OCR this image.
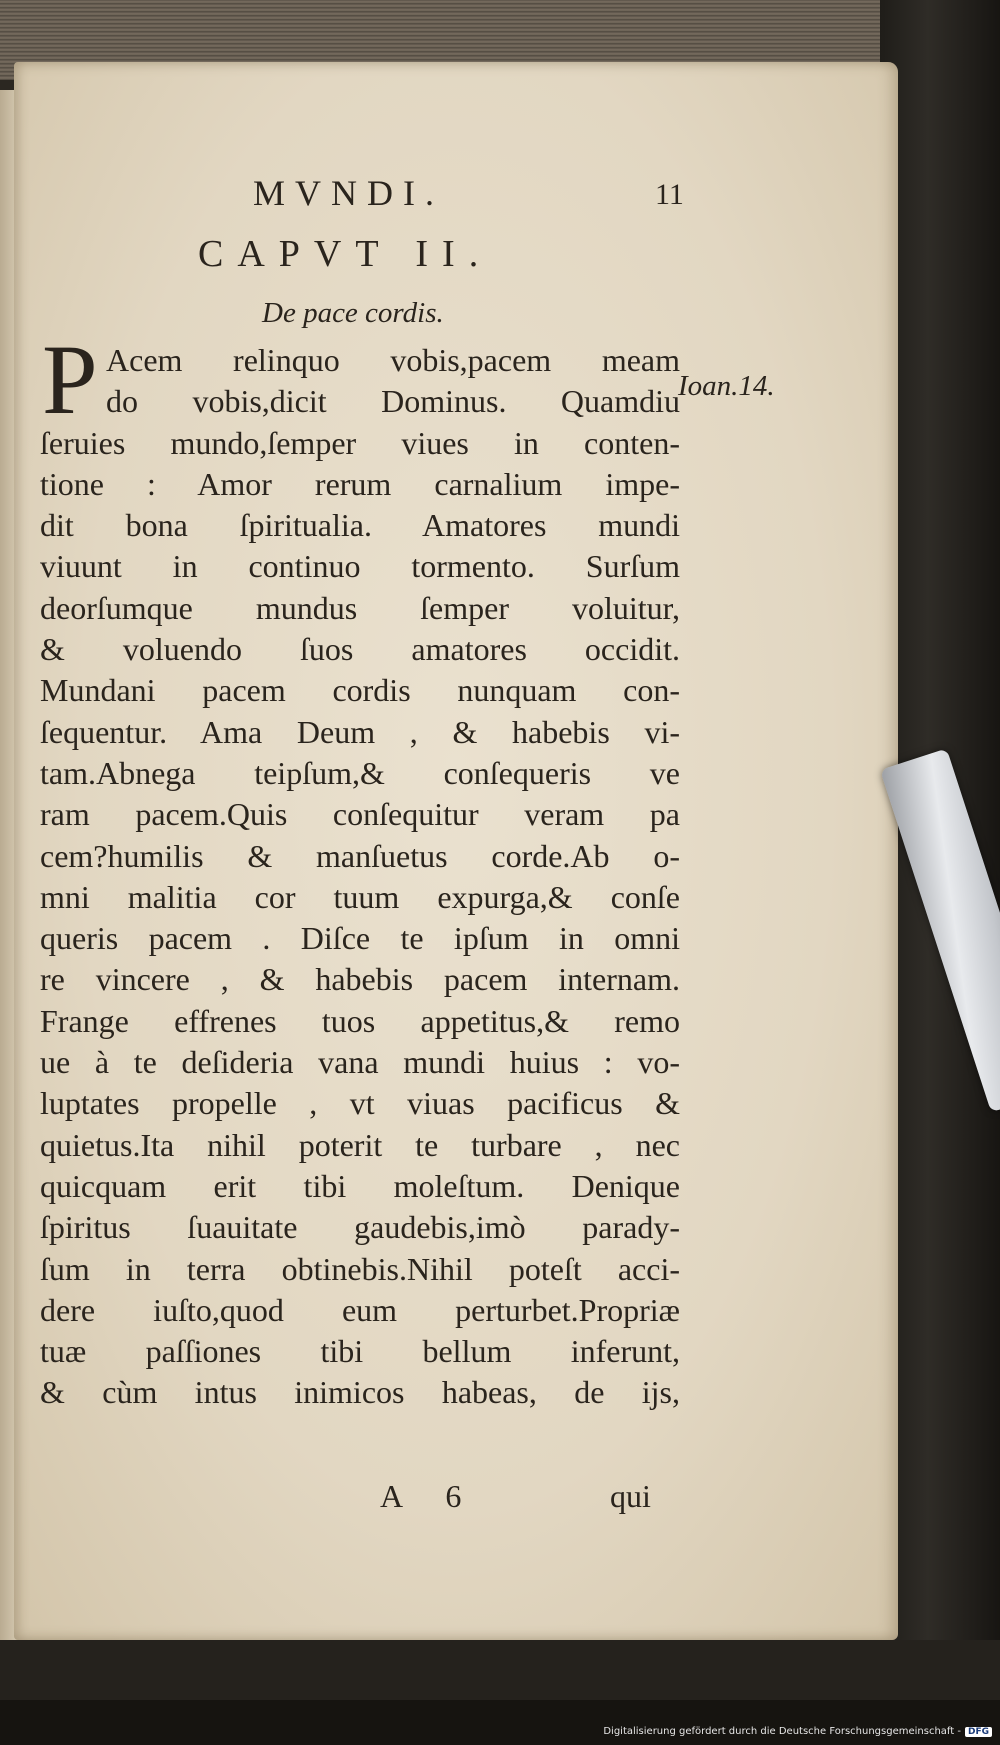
MVNDI.	11
CAPVT II.
De pace cordis.
P	Ioan.14.
Acem relinquo vobis,pacem meam
do vobis,dicit Dominus. Quamdiu
ſeruies mundo,ſemper viues in conten-
tione : Amor rerum carnalium impe-
dit bona ſpiritualia. Amatores mundi
viuunt in continuo tormento. Surſum
deorſumque mundus ſemper voluitur,
& voluendo ſuos amatores occidit.
Mundani pacem cordis nunquam con-
ſequentur. Ama Deum , & habebis vi-
tam.Abnega teipſum,& conſequeris ve
ram pacem.Quis conſequitur veram pa
cem?humilis & manſuetus corde.Ab o-
mni malitia cor tuum expurga,& conſe
queris pacem . Diſce te ipſum in omni
re vincere , & habebis pacem internam.
Frange effrenes tuos appetitus,& remo
ue à te deſideria vana mundi huius : vo-
luptates propelle , vt viuas pacificus &
quietus.Ita nihil poterit te turbare , nec
quicquam erit tibi moleſtum. Denique
ſpiritus ſuauitate gaudebis,imò parady-
ſum in terra obtinebis.Nihil poteſt acci-
dere iuſto,quod eum perturbet.Propriæ
tuæ paſſiones tibi bellum inferunt,
& cùm intus inimicos habeas, de ijs,
A 6	qui
Digitalisierung gefördert durch die Deutsche Forschungsgemeinschaft - DFG
